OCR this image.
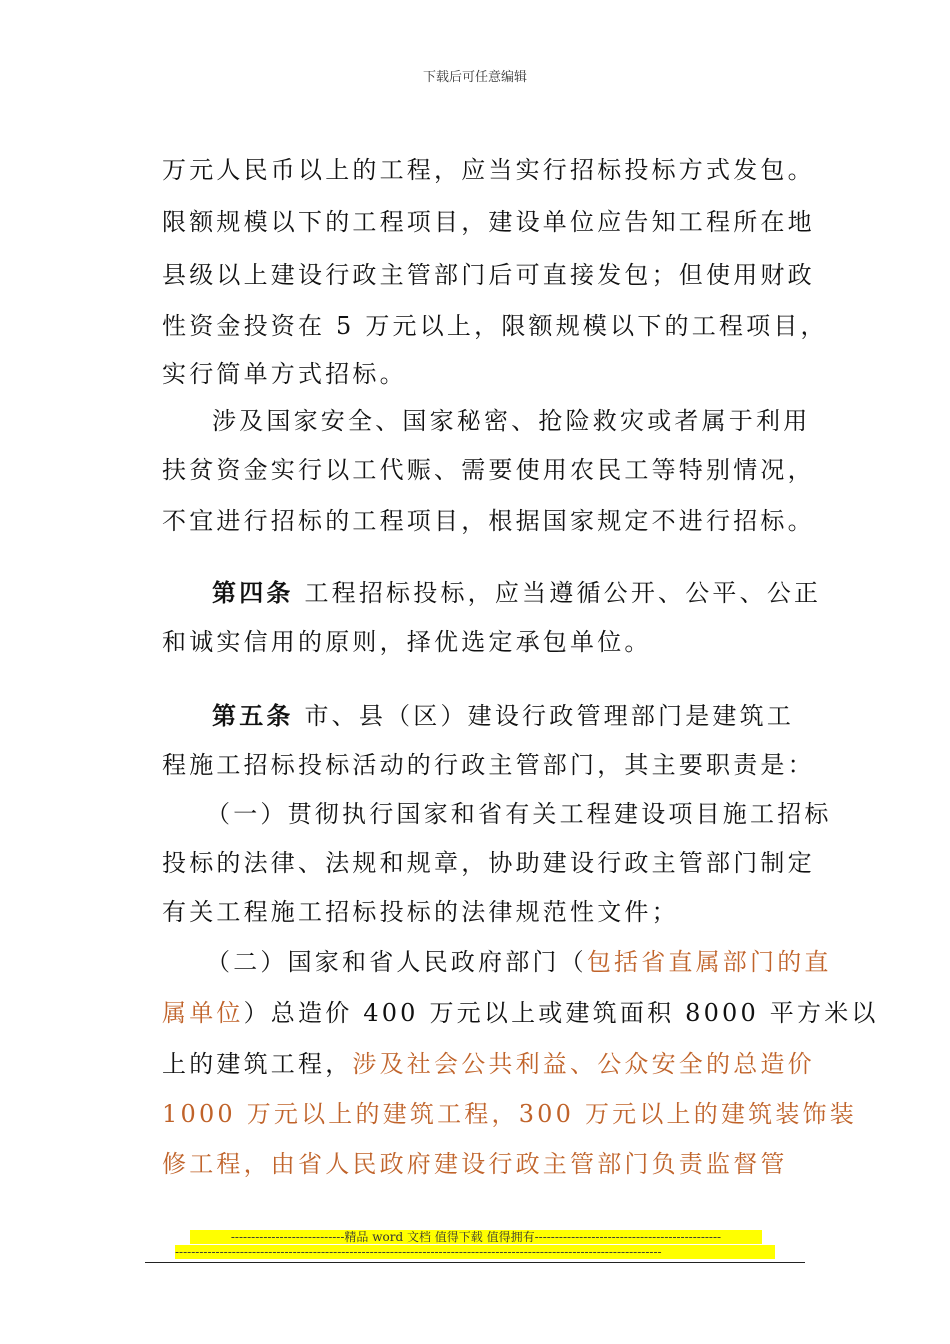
下载后可任意编辑
万元人民币以上的工程，应当实行招标投标方式发包。
限额规模以下的工程项目，建设单位应告知工程所在地
县级以上建设行政主管部门后可直接发包；但使用财政
性资金投资在 5 万元以上，限额规模以下的工程项目，
实行简单方式招标。
涉及国家安全、国家秘密、抢险救灾或者属于利用
扶贫资金实行以工代赈、需要使用农民工等特别情况，
不宜进行招标的工程项目，根据国家规定不进行招标。
第四条 工程招标投标，应当遵循公开、公平、公正
和诚实信用的原则，择优选定承包单位。
第五条 市、县（区）建设行政管理部门是建筑工
程施工招标投标活动的行政主管部门，其主要职责是：
（一）贯彻执行国家和省有关工程建设项目施工招标
投标的法律、法规和规章，协助建设行政主管部门制定
有关工程施工招标投标的法律规范性文件；
（二）国家和省人民政府部门（包括省直属部门的直
属单位）总造价 400 万元以上或建筑面积 8000 平方米以
上的建筑工程，涉及社会公共利益、公众安全的总造价
1000 万元以上的建筑工程，300 万元以上的建筑装饰装
修工程，由省人民政府建设行政主管部门负责监督管
----------------------------精品 word 文档 值得下载 值得拥有----------------------------------------------
------------------------------------------------------------------------------------------------------------------------
